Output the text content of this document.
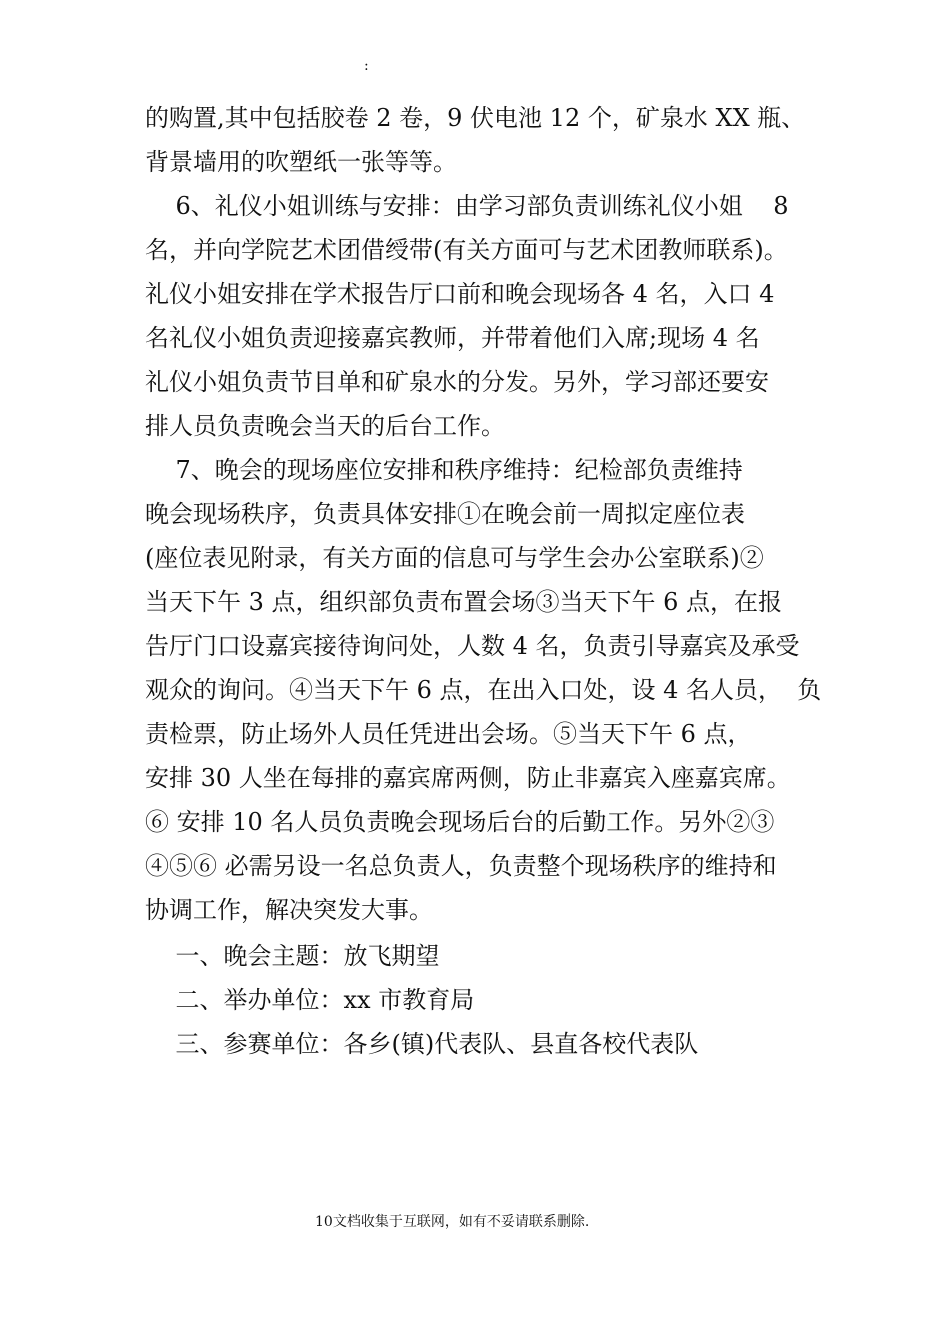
:
的购置,其中包括胶卷 2 卷，9 伏电池 12 个，矿泉水 XX 瓶、
背景墙用的吹塑纸一张等等。
6、礼仪小姐训练与安排：由学习部负责训练礼仪小姐    8
名，并向学院艺术团借绶带(有关方面可与艺术团教师联系)。
礼仪小姐安排在学术报告厅口前和晚会现场各 4 名，入口 4
名礼仪小姐负责迎接嘉宾教师，并带着他们入席;现场 4 名
礼仪小姐负责节目单和矿泉水的分发。另外，学习部还要安
排人员负责晚会当天的后台工作。
7、晚会的现场座位安排和秩序维持：纪检部负责维持
晚会现场秩序，负责具体安排①在晚会前一周拟定座位表
(座位表见附录，有关方面的信息可与学生会办公室联系)②
当天下午 3 点，组织部负责布置会场③当天下午 6 点，在报
告厅门口设嘉宾接待询问处，人数 4 名，负责引导嘉宾及承受
观众的询问。④当天下午 6 点，在出入口处，设 4 名人员，  负
责检票，防止场外人员任凭进出会场。⑤当天下午 6 点，
安排 30 人坐在每排的嘉宾席两侧，防止非嘉宾入座嘉宾席。
⑥ 安排 10 名人员负责晚会现场后台的后勤工作。另外②③
④⑤⑥ 必需另设一名总负责人，负责整个现场秩序的维持和
协调工作，解决突发大事。
一、晚会主题：放飞期望
二、举办单位：xx 市教育局
三、参赛单位：各乡(镇)代表队、县直各校代表队
10文档收集于互联网，如有不妥请联系删除.
